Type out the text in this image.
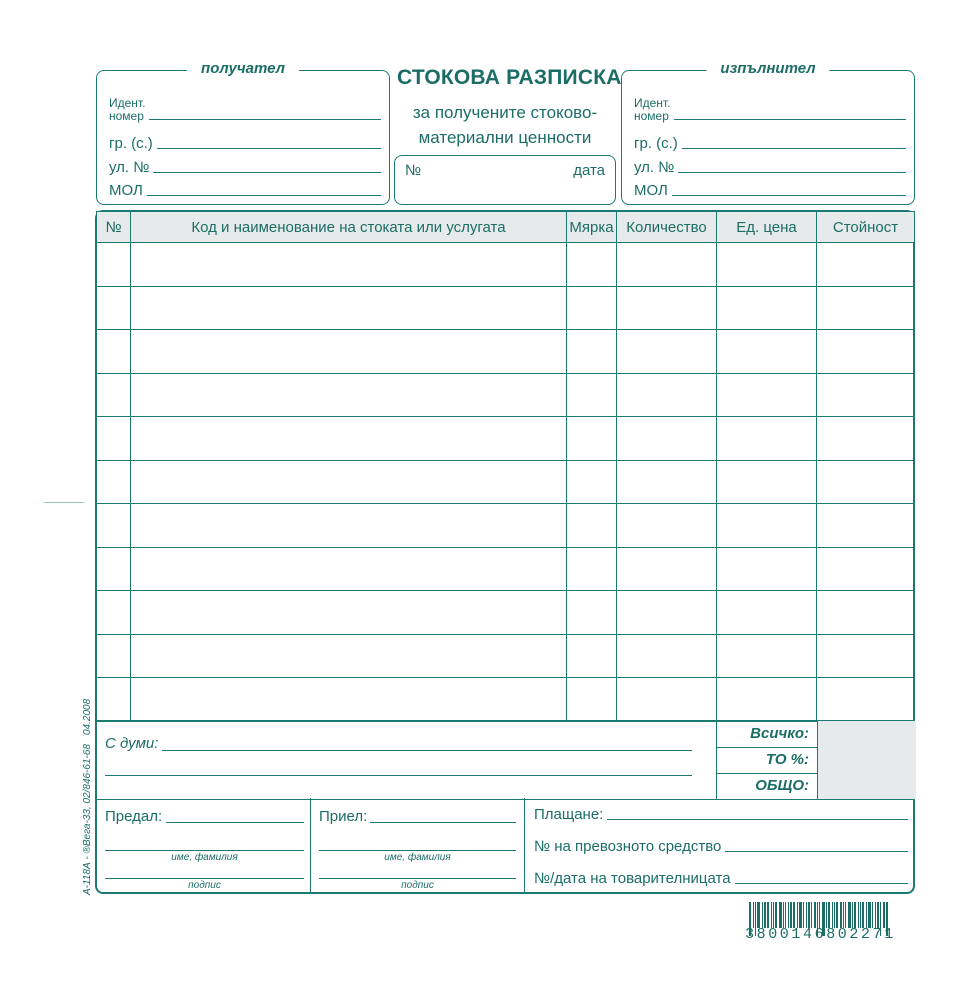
получател
Идент.
номер
гр. (с.)
ул. №
МОЛ
СТОКОВА РАЗПИСКА
за получените стоково-
материални ценности
№	дата
изпълнител
Идент.
номер
гр. (с.)
ул. №
МОЛ
№	Код и наименование на стоката или услугата	Мярка	Количество	Ед. цена	Стойност

С думи:
Всичко:
ТО %:
ОБЩО:
Предал:
име, фамилия
подпис
Приел:
име, фамилия
подпис
Плащане:
№ на превозното средство
№/дата на товарителницата
А-118А - ®Вега-33, 02/846-61-68
04.2008
3800146802271
